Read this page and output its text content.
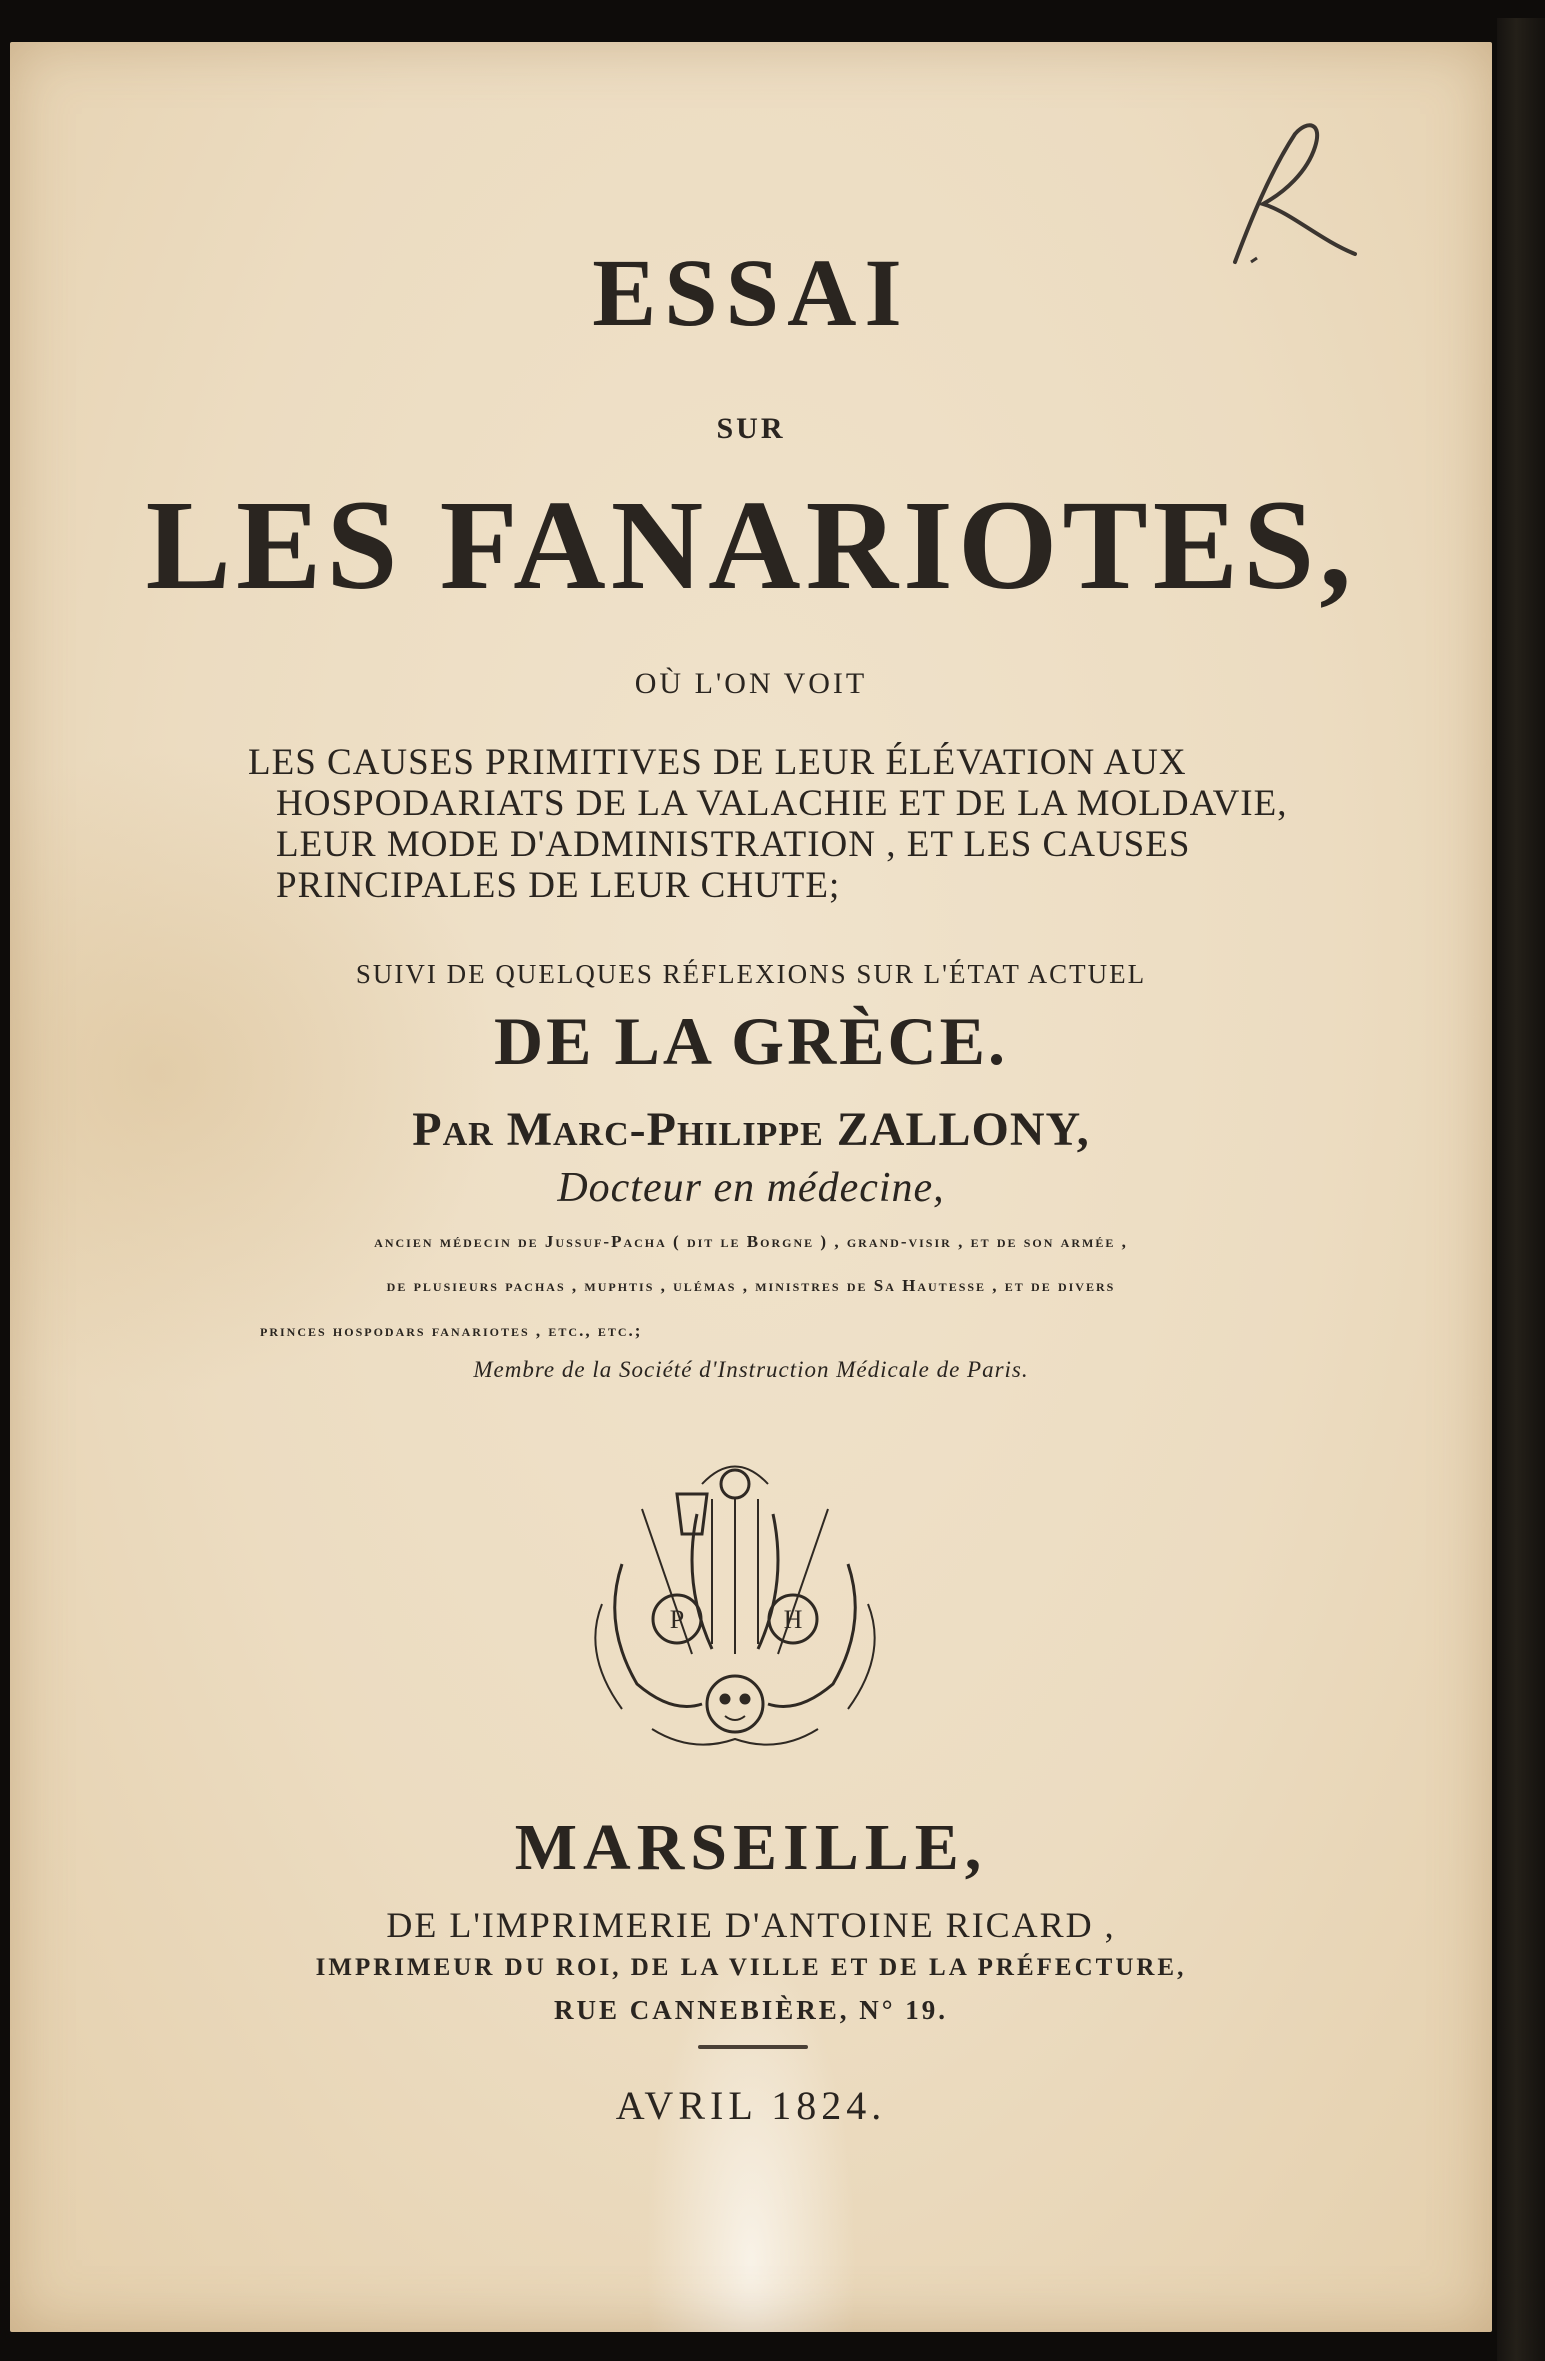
ESSAI

SUR

LES FANARIOTES,

OÙ L'ON VOIT

LES CAUSES PRIMITIVES DE LEUR ÉLÉVATION AUX
HOSPODARIATS DE LA VALACHIE ET DE LA MOLDAVIE,
LEUR MODE D'ADMINISTRATION , ET LES CAUSES
PRINCIPALES DE LEUR CHUTE;

SUIVI DE QUELQUES RÉFLEXIONS SUR L'ÉTAT ACTUEL

DE LA GRÈCE.

Par Marc-Philippe ZALLONY,

Docteur en médecine,

ancien médecin de Jussuf-Pacha ( dit le Borgne ) , grand-visir , et de son armée ,

de plusieurs pachas , muphtis , ulémas , ministres de Sa Hautesse , et de divers

princes hospodars fanariotes , etc., etc.;

Membre de la Société d'Instruction Médicale de Paris.

P	H

MARSEILLE,

DE L'IMPRIMERIE D'ANTOINE RICARD ,

IMPRIMEUR DU ROI, DE LA VILLE ET DE LA PRÉFECTURE,

RUE CANNEBIÈRE, N° 19.

AVRIL 1824.
